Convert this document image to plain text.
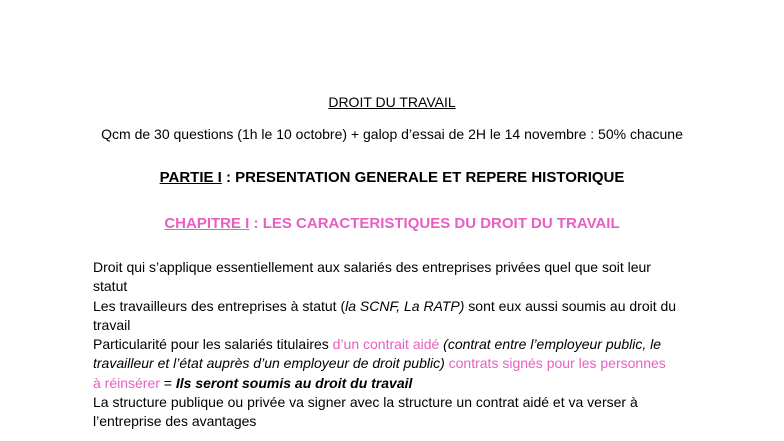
DROIT DU TRAVAIL
Qcm de 30 questions (1h le 10 octobre) + galop d’essai de 2H le 14 novembre : 50% chacune
PARTIE I : PRESENTATION GENERALE ET REPERE HISTORIQUE
CHAPITRE I : LES CARACTERISTIQUES DU DROIT DU TRAVAIL
Droit qui s’applique essentiellement aux salariés des entreprises privées quel que soit leur
statut
Les travailleurs des entreprises à statut (la SCNF, La RATP) sont eux aussi soumis au droit du
travail
Particularité pour les salariés titulaires d’un contrait aidé (contrat entre l’employeur public, le
travailleur et l’état auprès d’un employeur de droit public) contrats signés pour les personnes
à réinsérer = Ils seront soumis au droit du travail
La structure publique ou privée va signer avec la structure un contrat aidé et va verser à
l’entreprise des avantages
